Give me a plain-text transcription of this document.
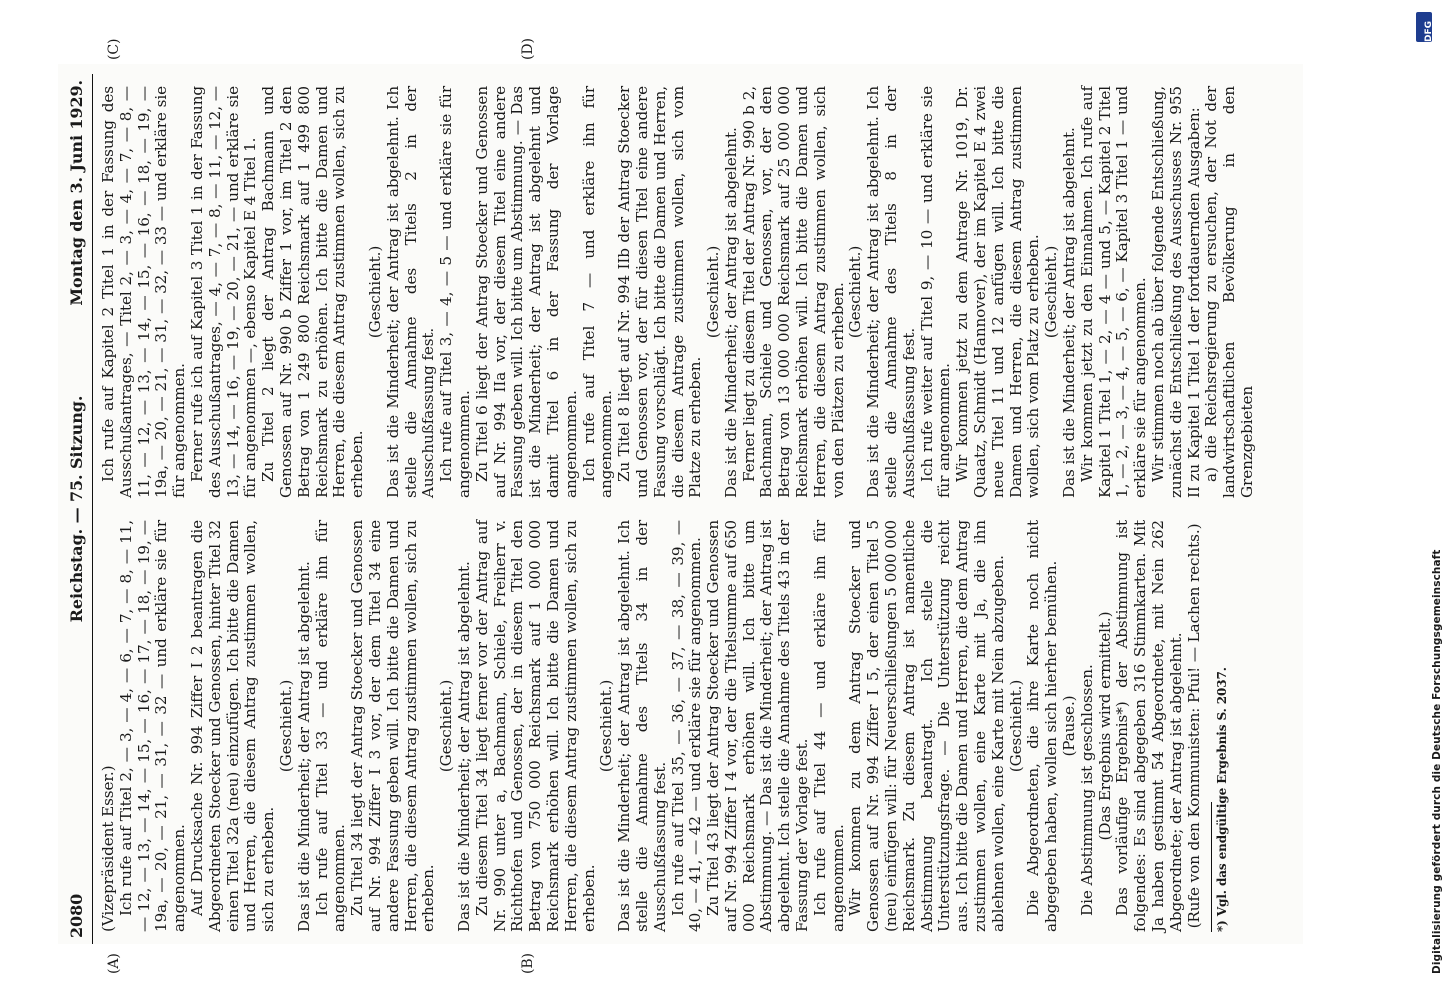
2080
Reichstag. — 75. Sitzung.
Montag den 3. Juni 1929.
(A)	(B)
(C)	(D)

(Vizepräsident Esser.) Ich rufe auf Titel 2, — 3, — 4, — 6, — 7, — 8, — 11, — 12, — 13, — 14, — 15, — 16, — 17, — 18, — 19, — 19a, — 20, — 21, — 31, — 32 — und erkläre sie für angenommen. Auf Drucksache Nr. 994 Ziffer I 2 beantragen die Abgeordneten Stoecker und Genossen, hinter Titel 32 einen Titel 32a (neu) einzufügen. Ich bitte die Damen und Herren, die diesem Antrag zustimmen wollen, sich zu erheben.

(Geschieht.) Das ist die Minderheit; der Antrag ist abgelehnt. Ich rufe auf Titel 33 — und erkläre ihn für angenommen. Zu Titel 34 liegt der Antrag Stoecker und Genossen auf Nr. 994 Ziffer I 3 vor, der dem Titel 34 eine andere Fassung geben will. Ich bitte die Damen und Herren, die diesem Antrag zustimmen wollen, sich zu erheben.

(Geschieht.) Das ist die Minderheit; der Antrag ist abgelehnt. Zu diesem Titel 34 liegt ferner vor der Antrag auf Nr. 990 unter a, Bachmann, Schiele, Freiherr v. Richthofen und Genossen, der in diesem Titel den Betrag von 750 000 Reichsmark auf 1 000 000 Reichsmark erhöhen will. Ich bitte die Damen und Herren, die diesem Antrag zustimmen wollen, sich zu erheben.

(Geschieht.) Das ist die Minderheit; der Antrag ist abgelehnt. Ich stelle die Annahme des Titels 34 in der Ausschußfassung fest. Ich rufe auf Titel 35, — 36, — 37, — 38, — 39, — 40, — 41, — 42 — und erkläre sie für angenommen. Zu Titel 43 liegt der Antrag Stoecker und Genossen auf Nr. 994 Ziffer I 4 vor, der die Titelsumme auf 650 000 Reichsmark erhöhen will. Ich bitte um Abstimmung. — Das ist die Minderheit; der Antrag ist abgelehnt. Ich stelle die Annahme des Titels 43 in der Fassung der Vorlage fest. Ich rufe auf Titel 44 — und erkläre ihn für angenommen. Wir kommen zu dem Antrag Stoecker und Genossen auf Nr. 994 Ziffer I 5, der einen Titel 5 (neu) einfügen will: für Neuerschließungen 5 000 000 Reichsmark. Zu diesem Antrag ist namentliche Abstimmung beantragt. Ich stelle die Unterstützungsfrage. — Die Unterstützung reicht aus. Ich bitte die Damen und Herren, die dem Antrag zustimmen wollen, eine Karte mit Ja, die ihn ablehnen wollen, eine Karte mit Nein abzugeben. (Geschieht.) Die Abgeordneten, die ihre Karte noch nicht abgegeben haben, wollen sich hierher bemühen. (Pause.) Die Abstimmung ist geschlossen. (Das Ergebnis wird ermittelt.) Das vorläufige Ergebnis*) der Abstimmung ist folgendes: Es sind abgegeben 316 Stimmkarten. Mit Ja haben gestimmt 54 Abgeordnete, mit Nein 262 Abgeordnete; der Antrag ist abgelehnt. (Rufe von den Kommunisten: Pfui! — Lachen rechts.) *) Vgl. das endgültige Ergebnis S. 2037.

Ich rufe auf Kapitel 2 Titel 1 in der Fassung des Ausschußantrages, — Titel 2, — 3, — 4, — 7, — 8, — 11, — 12, — 13, — 14, — 15, — 16, — 18, — 19, — 19a, — 20, — 21, — 31, — 32, — 33 — und erkläre sie für angenommen. Ferner rufe ich auf Kapitel 3 Titel 1 in der Fassung des Ausschußantrages, — 4, — 7, — 8, — 11, — 12, — 13, — 14, — 16, — 19, — 20, — 21, — und erkläre sie für angenommen —, ebenso Kapitel E 4 Titel 1. Zu Titel 2 liegt der Antrag Bachmann und Genossen auf Nr. 990 b Ziffer 1 vor, im Titel 2 den Betrag von 1 249 800 Reichsmark auf 1 499 800 Reichsmark zu erhöhen. Ich bitte die Damen und Herren, die diesem Antrag zustimmen wollen, sich zu erheben.

(Geschieht.) Das ist die Minderheit; der Antrag ist abgelehnt. Ich stelle die Annahme des Titels 2 in der Ausschußfassung fest. Ich rufe auf Titel 3, — 4, — 5 — und erkläre sie für angenommen. Zu Titel 6 liegt der Antrag Stoecker und Genossen auf Nr. 994 IIa vor, der diesem Titel eine andere Fassung geben will. Ich bitte um Abstimmung. — Das ist die Minderheit; der Antrag ist abgelehnt und damit Titel 6 in der Fassung der Vorlage angenommen. Ich rufe auf Titel 7 — und erkläre ihn für angenommen. Zu Titel 8 liegt auf Nr. 994 IIb der Antrag Stoecker und Genossen vor, der für diesen Titel eine andere Fassung vorschlägt. Ich bitte die Damen und Herren, die diesem Antrage zustimmen wollen, sich vom Platze zu erheben.

(Geschieht.) Das ist die Minderheit; der Antrag ist abgelehnt. Ferner liegt zu diesem Titel der Antrag Nr. 990 b 2, Bachmann, Schiele und Genossen, vor, der den Betrag von 13 000 000 Reichsmark auf 25 000 000 Reichsmark erhöhen will. Ich bitte die Damen und Herren, die diesem Antrag zustimmen wollen, sich von den Plätzen zu erheben. (Geschieht.) Das ist die Minderheit; der Antrag ist abgelehnt. Ich stelle die Annahme des Titels 8 in der Ausschußfassung fest. Ich rufe weiter auf Titel 9, — 10 — und erkläre sie für angenommen. Wir kommen jetzt zu dem Antrage Nr. 1019, Dr. Quaatz, Schmidt (Hannover), der im Kapitel E 4 zwei neue Titel 11 und 12 anfügen will. Ich bitte die Damen und Herren, die diesem Antrag zustimmen wollen, sich vom Platz zu erheben. (Geschieht.) Das ist die Minderheit; der Antrag ist abgelehnt. Wir kommen jetzt zu den Einnahmen. Ich rufe auf Kapitel 1 Titel 1, — 2, — 4 — und 5, — Kapitel 2 Titel 1, — 2, — 3, — 4, — 5, — 6, — Kapitel 3 Titel 1 — und erkläre sie für angenommen. Wir stimmen noch ab über folgende Entschließung, zunächst die Entschließung des Ausschusses Nr. 955 II zu Kapitel 1 Titel 1 der fortdauernden Ausgaben: a) die Reichsregierung zu ersuchen, der Not der landwirtschaftlichen Bevölkerung in den Grenzgebieten

DFG
Digitalisierung gefördert durch die Deutsche Forschungsgemeinschaft
